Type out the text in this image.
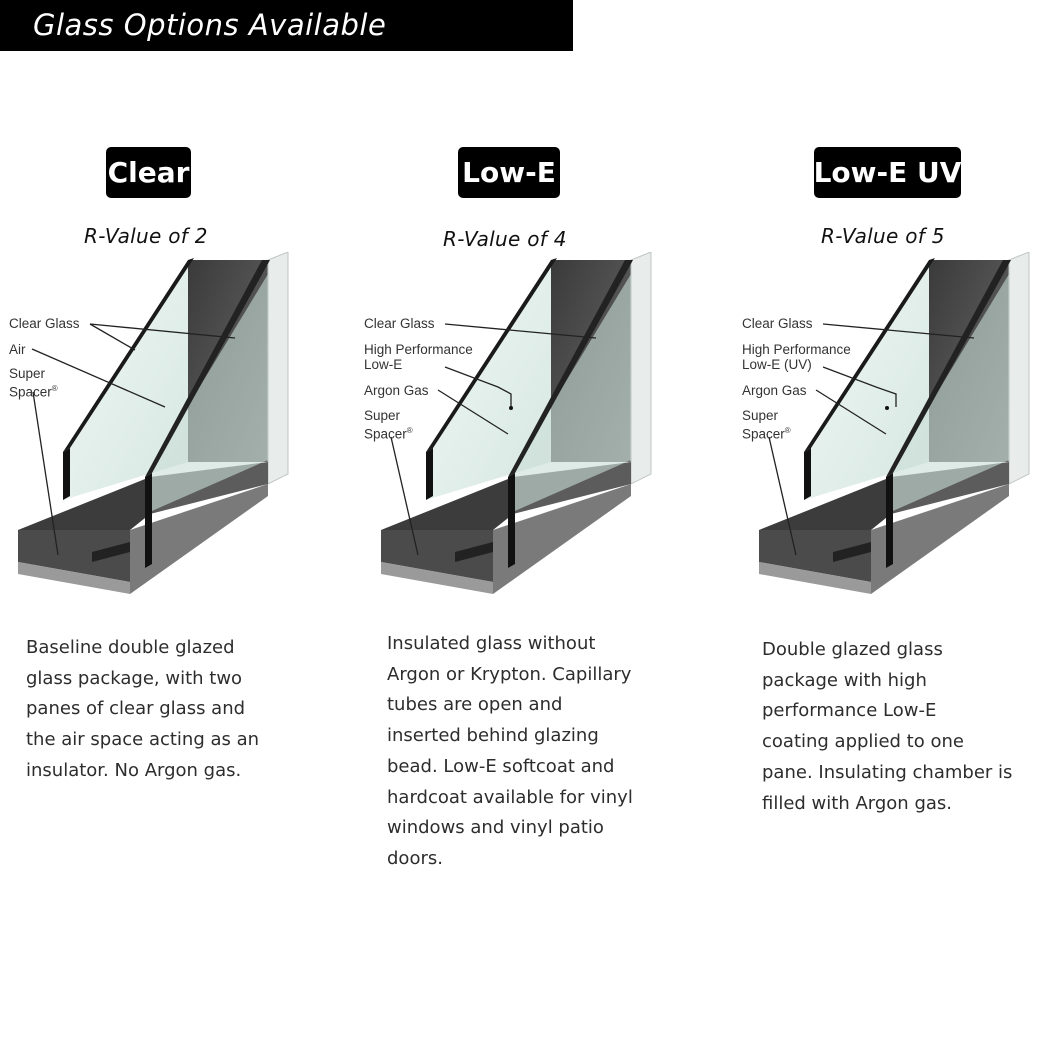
Glass Options Available
Clear
R-Value of 2
Clear Glass
Air
Super
Spacer®

Baseline double glazed

glass package, with two

panes of clear glass and

the air space acting as an

insulator. No Argon gas.

Low-E
R-Value of 4
Clear Glass
High Performance
Low-E
Argon Gas
Super
Spacer®

Insulated glass without

Argon or Krypton. Capillary

tubes are open and

inserted behind glazing

bead. Low-E softcoat and

hardcoat available for vinyl

windows and vinyl patio

doors.

Low-E UV
R-Value of 5
Clear Glass
High Performance
Low-E (UV)
Argon Gas
Super
Spacer®

Double glazed glass

package with high

performance Low-E

coating applied to one

pane. Insulating chamber is

filled with Argon gas.
